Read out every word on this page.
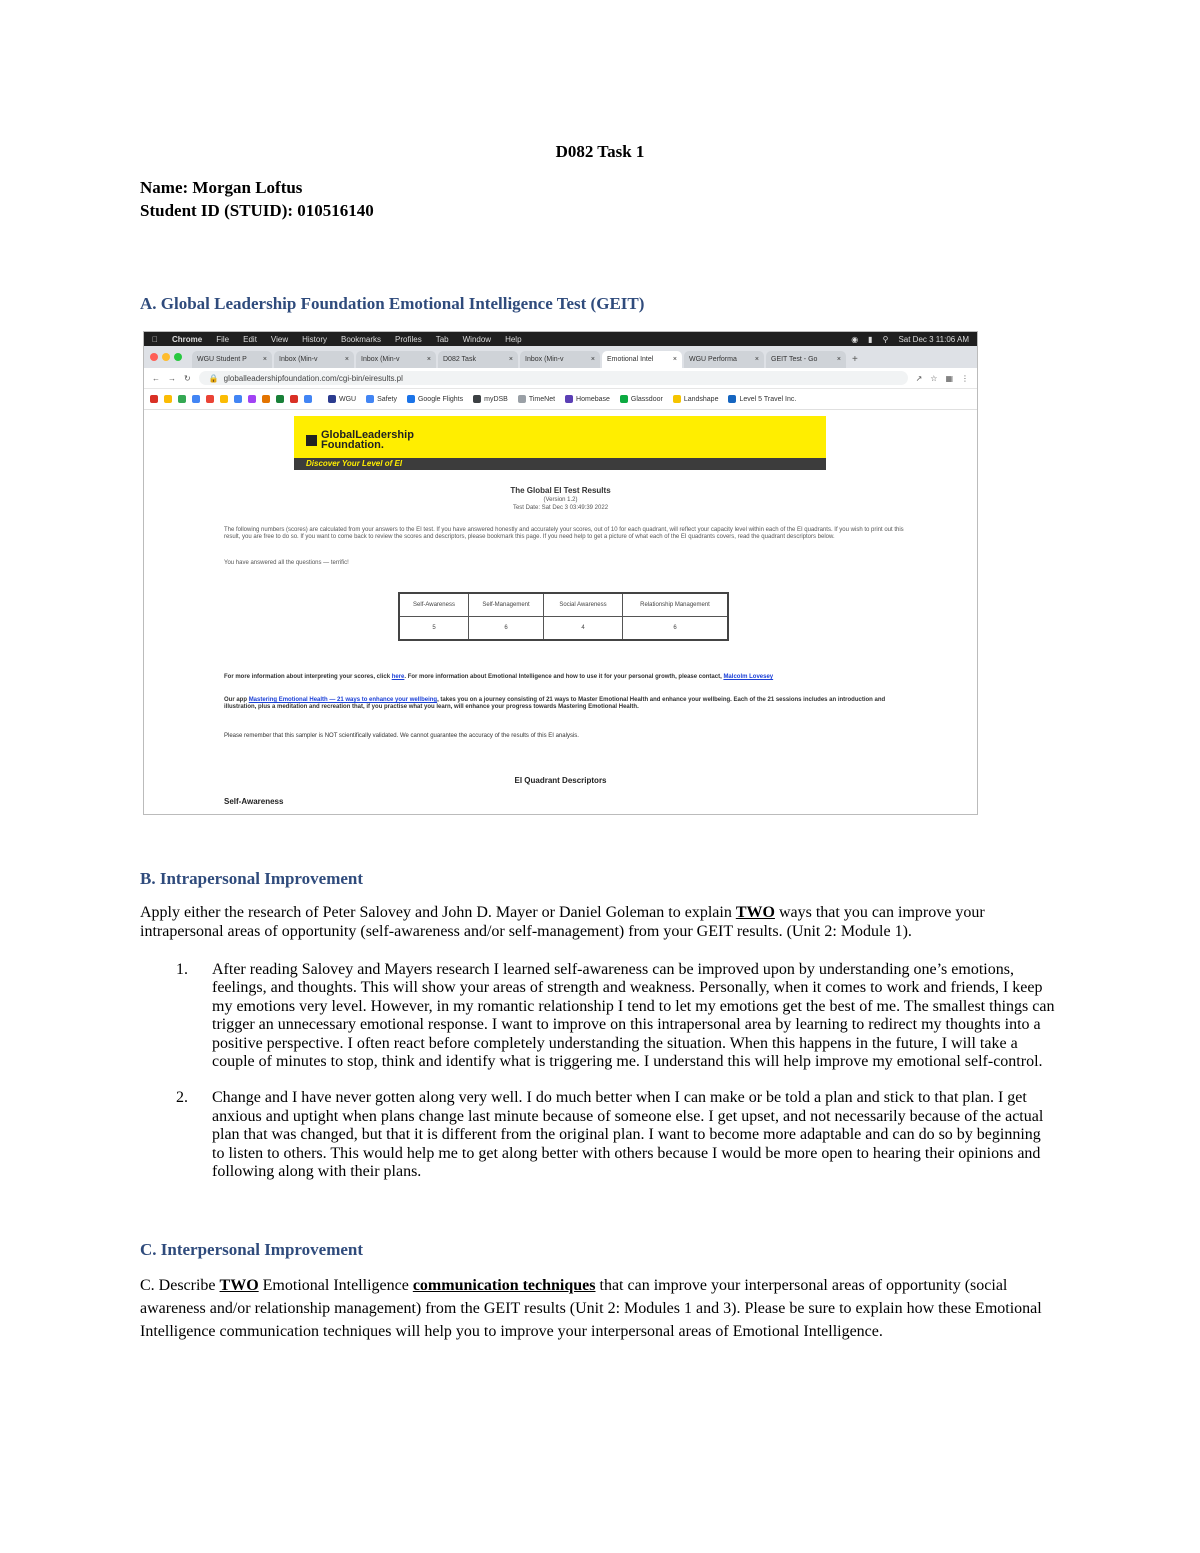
D082 Task 1
Name: Morgan Loftus
Student ID (STUID): 010516140
A. Global Leadership Foundation Emotional Intelligence Test (GEIT)
Chrome File Edit View History Bookmarks Profiles Tab Window Help	◉ ▮ ⚲ Sat Dec 3 11:06 AM
WGU Student P × Inbox (Min-v	× Inbox (Min-v	× D082 Task	× Inbox (Min-v	× Emotional Intel	× WGU Performa	× GEIT Test - Go	× +
← → ↻ 🔒 globalleadershipfoundation.com/cgi-bin/eiresults.pl	↗ ☆ ▦ ⋮
WGU	Safety	Google Flights	myDSB	TimeNet	Homebase	Glassdoor	Landshape	Level 5 Travel Inc.
GlobalLeadership
Foundation.
Discover Your Level of EI
The Global EI Test Results
(Version 1.2)
Test Date: Sat Dec 3 03:49:39 2022
The following numbers (scores) are calculated from your answers to the EI test. If you have answered honestly and accurately your scores, out of 10 for each quadrant, will reflect your capacity level within each of the EI quadrants. If you wish to print out this result, you are free to do so. If you want to come back to review the scores and descriptors, please bookmark this page. If you need help to get a picture of what each of the EI quadrants covers, read the quadrant descriptors below.
You have answered all the questions — terrific!
Self-Awareness	Self-Management	Social Awareness	Relationship Management
5	6	4	6
For more information about interpreting your scores, click here. For more information about Emotional Intelligence and how to use it for your personal growth, please contact, Malcolm Lovesey
Our app Mastering Emotional Health — 21 ways to enhance your wellbeing, takes you on a journey consisting of 21 ways to Master Emotional Health and enhance your wellbeing. Each of the 21 sessions includes an introduction and illustration, plus a meditation and recreation that, if you practise what you learn, will enhance your progress towards Mastering Emotional Health.
Please remember that this sampler is NOT scientifically validated. We cannot guarantee the accuracy of the results of this EI analysis.
EI Quadrant Descriptors
Self-Awareness
B. Intrapersonal Improvement
Apply either the research of Peter Salovey and John D. Mayer or Daniel Goleman to explain TWO ways that you can improve your intrapersonal areas of opportunity (self-awareness and/or self-management) from your GEIT results. (Unit 2: Module 1).
1. After reading Salovey and Mayers research I learned self-awareness can be improved upon by understanding one’s emotions, feelings, and thoughts. This will show your areas of strength and weakness. Personally, when it comes to work and friends, I keep my emotions very level. However, in my romantic relationship I tend to let my emotions get the best of me. The smallest things can trigger an unnecessary emotional response. I want to improve on this intrapersonal area by learning to redirect my thoughts into a positive perspective. I often react before completely understanding the situation. When this happens in the future, I will take a couple of minutes to stop, think and identify what is triggering me. I understand this will help improve my emotional self-control.
2. Change and I have never gotten along very well. I do much better when I can make or be told a plan and stick to that plan. I get anxious and uptight when plans change last minute because of someone else. I get upset, and not necessarily because of the actual plan that was changed, but that it is different from the original plan. I want to become more adaptable and can do so by beginning to listen to others. This would help me to get along better with others because I would be more open to hearing their opinions and following along with their plans.
C. Interpersonal Improvement
C. Describe TWO Emotional Intelligence communication techniques that can improve your interpersonal areas of opportunity (social awareness and/or relationship management) from the GEIT results (Unit 2: Modules 1 and 3). Please be sure to explain how these Emotional Intelligence communication techniques will help you to improve your interpersonal areas of Emotional Intelligence.
